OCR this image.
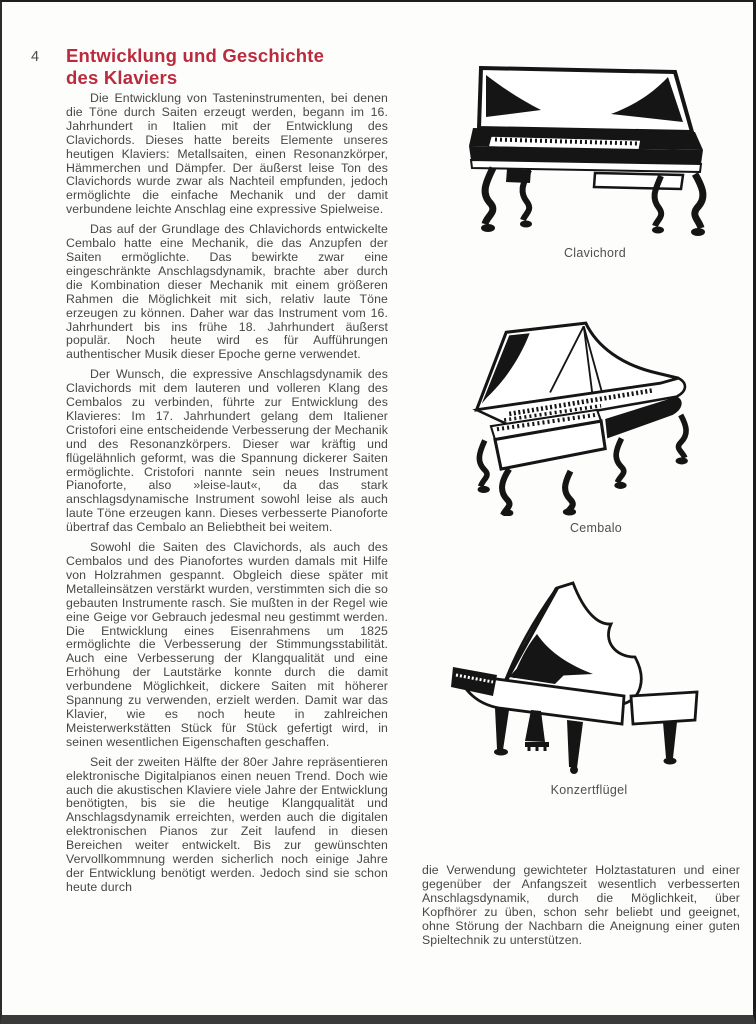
4 Entwicklung und Geschichte
des Klaviers

Die Entwicklung von Tasteninstrumenten, bei denen die Töne durch Saiten erzeugt werden, begann im 16. Jahrhundert in Italien mit der Entwicklung des Clavichords. Dieses hatte bereits Elemente unseres heutigen Klaviers: Metallsaiten, einen Resonanzkörper, Hämmerchen und Dämpfer. Der äußerst leise Ton des Clavichords wurde zwar als Nachteil empfunden, jedoch ermöglichte die einfache Mechanik und der damit verbundene leichte Anschlag eine expressive Spielweise.

Das auf der Grundlage des Chlavichords entwickelte Cembalo hatte eine Mechanik, die das Anzupfen der Saiten ermöglichte. Das bewirkte zwar eine eingeschränkte Anschlagsdynamik, brachte aber durch die Kombination dieser Mechanik mit einem größeren Rahmen die Möglichkeit mit sich, relativ laute Töne erzeugen zu können. Daher war das Instrument vom 16. Jahrhundert bis ins frühe 18. Jahrhundert äußerst populär. Noch heute wird es für Aufführungen authentischer Musik dieser Epoche gerne verwendet.

Der Wunsch, die expressive Anschlagsdynamik des Clavichords mit dem lauteren und volleren Klang des Cembalos zu verbinden, führte zur Entwicklung des Klavieres: Im 17. Jahrhundert gelang dem Italiener Cristofori eine entscheidende Verbesserung der Mechanik und des Resonanzkörpers. Dieser war kräftig und flügelähnlich geformt, was die Spannung dickerer Saiten ermöglichte. Cristofori nannte sein neues Instrument Pianoforte, also »leise-laut«, da das stark anschlagsdynamische Instrument sowohl leise als auch laute Töne erzeugen kann. Dieses verbesserte Pianoforte übertraf das Cembalo an Beliebtheit bei weitem.

Sowohl die Saiten des Clavichords, als auch des Cembalos und des Pianofortes wurden damals mit Hilfe von Holzrahmen gespannt. Obgleich diese später mit Metalleinsätzen verstärkt wurden, verstimmten sich die so gebauten Instrumente rasch. Sie mußten in der Regel wie eine Geige vor Gebrauch jedesmal neu gestimmt werden. Die Entwicklung eines Eisenrahmens um 1825 ermöglichte die Verbesserung der Stimmungsstabilität. Auch eine Verbesserung der Klangqualität und eine Erhöhung der Lautstärke konnte durch die damit verbundene Möglichkeit, dickere Saiten mit höherer Spannung zu verwenden, erzielt werden. Damit war das Klavier, wie es noch heute in zahlreichen Meisterwerkstätten Stück für Stück gefertigt wird, in seinen wesentlichen Eigenschaften geschaffen.

Seit der zweiten Hälfte der 80er Jahre repräsentieren elektronische Digitalpianos einen neuen Trend. Doch wie auch die akustischen Klaviere viele Jahre der Entwicklung benötigten, bis sie die heutige Klangqualität und Anschlagsdynamik erreichten, werden auch die digitalen elektronischen Pianos zur Zeit laufend in diesen Bereichen weiter entwickelt. Bis zur gewünschten Vervollkommnung werden sicherlich noch einige Jahre der Entwicklung benötigt werden. Jedoch sind sie schon heute durch

Clavichord
Cembalo
Konzertflügel

die Verwendung gewichteter Holztastaturen und einer gegenüber der Anfangszeit wesentlich verbesserten Anschlagsdynamik, durch die Möglichkeit, über Kopfhörer zu üben, schon sehr beliebt und geeignet, ohne Störung der Nachbarn die Aneignung einer guten Spieltechnik zu unterstützen.
